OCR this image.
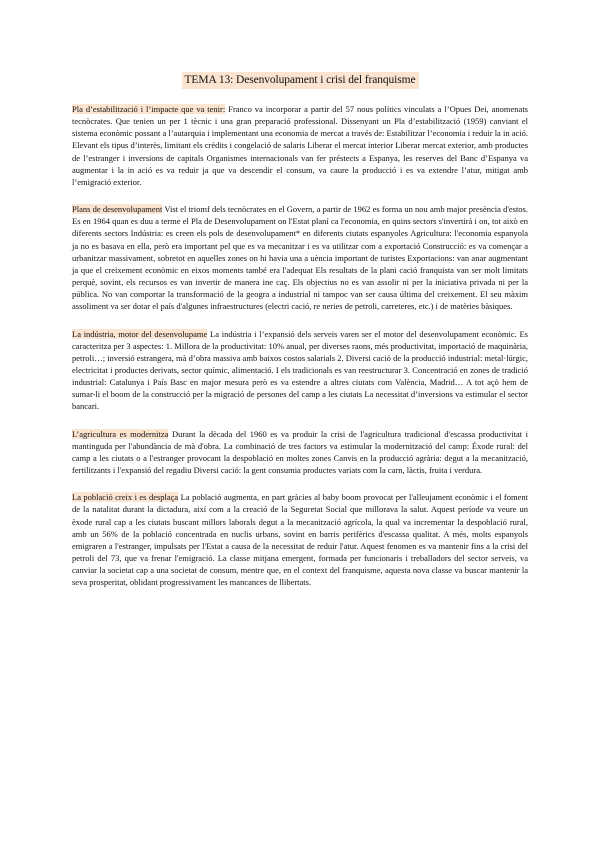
TEMA 13: Desenvolupament i crisi del franquisme

Pla d’estabilització i l’impacte que va tenir: Franco va incorporar a partir del 57 nous polítics vinculats a l’Opues Dei, anomenats tecnòcrates. Que tenien un per 1 tècnic i una gran preparació professional. Dissenyant un Pla d’estabilització (1959) canviant el sistema econòmic possant a l’autarquia i implementant una economia de mercat a través de: Estabilitzar l’economia i reduir la in ació. Elevant els tipus d’interès, limitant els crèdits i congelació de salaris Liberar el mercat interior Liberar mercat exterior, amb productes de l’estranger i inversions de capitals Organismes internacionals van fer préstects a Espanya, les reserves del Banc d’Espanya va augmentar i la in ació es va reduir ja que va descendir el consum, va caure la producció i es va extendre l’atur, mitigat amb l’emigració exterior.

Plans de desenvolupament Vist el triomf dels tecnòcrates en el Govern, a partir de 1962 es forma un nou amb major presència d'estos. Es en 1964 quan es duu a terme el Pla de Desenvolupament on l'Estat planí ca l'economia, en quins sectors s'invertirà i on, tot això en diferents sectors Indústria: es creen els pols de desenvolupament* en diferents ciutats espanyoles Agricultura: l'economia espanyola ja no es basava en ella, però era important pel que es va mecanitzar i es va utilitzar com a exportació Construcció: es va començar a urbanitzar massivament, sobretot en aquelles zones on hi havia una a uència important de turistes Exportacions: van anar augmentant ja que el creixement econòmic en eixos moments també era l'adequat Els resultats de la plani cació franquista van ser molt limitats perquè, sovint, els recursos es van invertir de manera ine caç. Els objectius no es van assolir ni per la iniciativa privada ni per la pública. No van comportar la transformació de la geogra a industrial ni tampoc van ser causa última del creixement. El seu màxim assoliment va ser dotar el país d'algunes infraestructures (electri cació, re neries de petroli, carreteres, etc.) i de matèries bàsiques.

La indústria, motor del desenvolupame La indústria i l’expansió dels serveis varen ser el motor del desenvolupament econòmic. Es caracteritza per 3 aspectes: 1. Millora de la productivitat: 10% anual, per diverses raons, més productivitat, importació de maquinària, petroli…; inversió estrangera, mà d’obra massiva amb baixos costos salarials 2. Diversi cació de la producció industrial: metal·lúrgic, electricitat i productes derivats, sector químic, alimentació. I els tradicionals es van reestructurar 3. Concentració en zones de tradició industrial: Catalunya i País Basc en major mesura però es va estendre a altres ciutats com València, Madrid… A tot açò hem de sumar-li el boom de la construcció per la migració de persones del camp a les ciutats La necessitat d’inversions va estimular el sector bancari.

L’agricultura es modernitza Durant la dècada del 1960 es va produir la crisi de l'agricultura tradicional d'escassa productivitat i mantinguda per l'abundància de mà d'obra. La combinació de tres factors va estimular la modernització del camp: Èxode rural: del camp a les ciutats o a l'estranger provocant la despoblació en moltes zones Canvis en la producció agrària: degut a la mecanització, fertilitzants i l'expansió del regadiu Diversi cació: la gent consumia productes variats com la carn, làctis, fruita i verdura.

La població creix i es desplaça La població augmenta, en part gràcies al baby boom provocat per l'alleujament econòmic i el foment de la natalitat durant la dictadura, així com a la creació de la Seguretat Social que millorava la salut. Aquest període va veure un èxode rural cap a les ciutats buscant millors laborals degut a la mecanització agrícola, la qual va incrementar la despoblació rural, amb un 56% de la població concentrada en nuclis urbans, sovint en barris perifèrics d'escassa qualitat. A més, molts espanyols emigraren a l'estranger, impulsats per l'Estat a causa de la necessitat de reduir l'atur. Aquest fenomen es va mantenir fins a la crisi del petroli del 73, que va frenar l'emigració. La classe mitjana emergent, formada per funcionaris i treballadors del sector serveis, va canviar la societat cap a una societat de consum, mentre que, en el context del franquisme, aquesta nova classe va buscar mantenir la seva prosperitat, oblidant progressivament les mancances de llibertats.
